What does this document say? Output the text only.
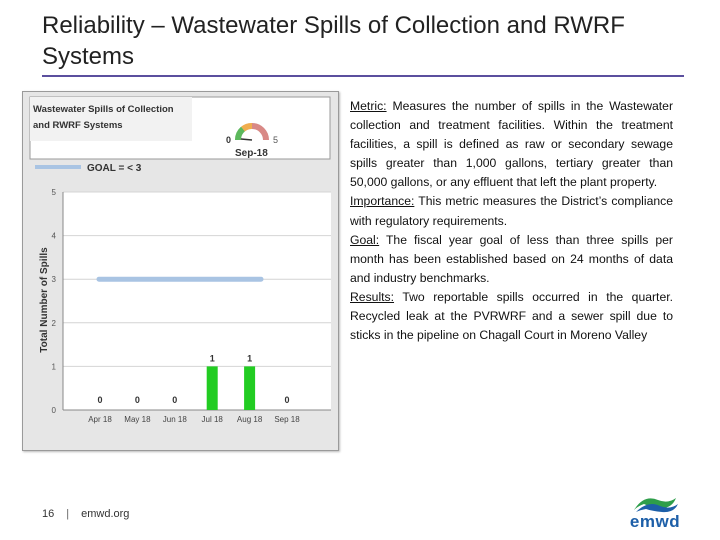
Reliability – Wastewater Spills of Collection and RWRF Systems
Wastewater Spills of Collection
and RWRF Systems
0	5
Sep-18
GOAL = < 3
0
1
2
3
4
5
0
Apr 18
0
May 18
0
Jun 18
1
Jul 18
1
Aug 18
0
Sep 18
Total Number of Spills

Metric: Measures the number of spills in the Wastewater collection and treatment facilities. Within the treatment facilities, a spill is defined as raw or secondary sewage spills greater than 1,000 gallons, tertiary greater than 50,000 gallons, or any effluent that left the plant property.

Importance: This metric measures the District’s compliance with regulatory requirements.

Goal: The fiscal year goal of less than three spills per month has been established based on 24 months of data and industry benchmarks.

Results: Two reportable spills occurred in the quarter. Recycled leak at the PVRWRF and a sewer spill due to sticks in the pipeline on Chagall Court in Moreno Valley

16 | emwd.org	emwd
